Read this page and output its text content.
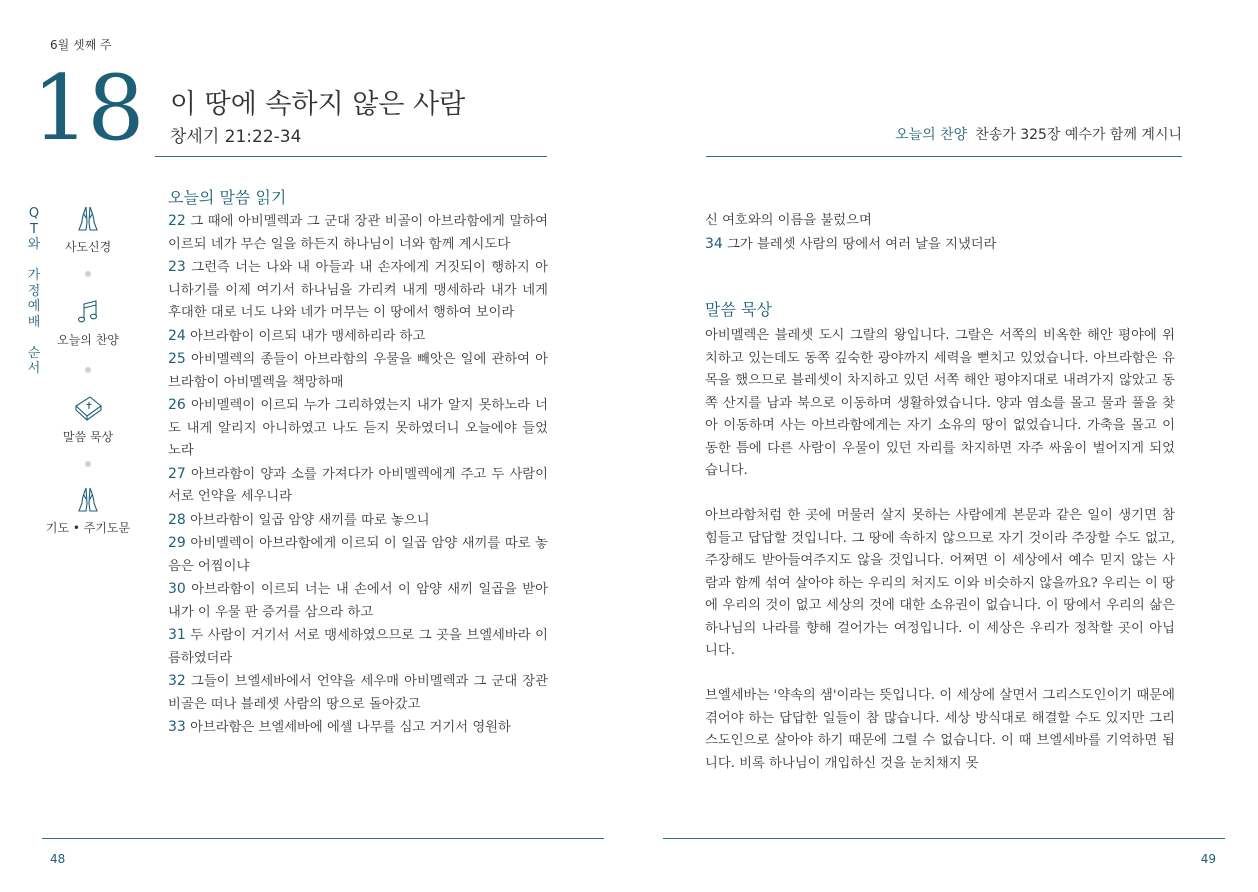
6월 셋째 주
18 이 땅에 속하지 않은 사람
창세기 21:22-34	오늘의 찬양 찬송가 325장 예수가 함께 계시니
Q
T
와
가
정
예
배
순
서
사도신경
오늘의 찬양
말씀 묵상
기도 • 주기도문
오늘의 말씀 읽기
22 그 때에 아비멜렉과 그 군대 장관 비골이 아브라함에게 말하여 이르되 네가 무슨 일을 하든지 하나님이 너와 함께 계시도다
23 그런즉 너는 나와 내 아들과 내 손자에게 거짓되이 행하지 아니하기를 이제 여기서 하나님을 가리켜 내게 맹세하라 내가 네게 후대한 대로 너도 나와 네가 머무는 이 땅에서 행하여 보이라
24 아브라함이 이르되 내가 맹세하리라 하고
25 아비멜렉의 종들이 아브라함의 우물을 빼앗은 일에 관하여 아브라함이 아비멜렉을 책망하매
26 아비멜렉이 이르되 누가 그리하였는지 내가 알지 못하노라 너도 내게 알리지 아니하였고 나도 듣지 못하였더니 오늘에야 들었노라
27 아브라함이 양과 소를 가져다가 아비멜렉에게 주고 두 사람이 서로 언약을 세우니라
28 아브라함이 일곱 암양 새끼를 따로 놓으니
29 아비멜렉이 아브라함에게 이르되 이 일곱 암양 새끼를 따로 놓음은 어찜이냐
30 아브라함이 이르되 너는 내 손에서 이 암양 새끼 일곱을 받아 내가 이 우물 판 증거를 삼으라 하고
31 두 사람이 거기서 서로 맹세하였으므로 그 곳을 브엘세바라 이름하였더라
32 그들이 브엘세바에서 언약을 세우매 아비멜렉과 그 군대 장관 비골은 떠나 블레셋 사람의 땅으로 돌아갔고
33 아브라함은 브엘세바에 에셀 나무를 심고 거기서 영원하
신 여호와의 이름을 불렀으며
34 그가 블레셋 사람의 땅에서 여러 날을 지냈더라
말씀 묵상

아비멜렉은 블레셋 도시 그랄의 왕입니다. 그랄은 서쪽의 비옥한 해안 평야에 위치하고 있는데도 동쪽 깊숙한 광야까지 세력을 뻗치고 있었습니다. 아브라함은 유목을 했으므로 블레셋이 차지하고 있던 서쪽 해안 평야지대로 내려가지 않았고 동쪽 산지를 남과 북으로 이동하며 생활하였습니다. 양과 염소를 몰고 물과 풀을 찾아 이동하며 사는 아브라함에게는 자기 소유의 땅이 없었습니다. 가축을 몰고 이동한 틈에 다른 사람이 우물이 있던 자리를 차지하면 자주 싸움이 벌어지게 되었습니다.

아브라함처럼 한 곳에 머물러 살지 못하는 사람에게 본문과 같은 일이 생기면 참 힘들고 답답할 것입니다. 그 땅에 속하지 않으므로 자기 것이라 주장할 수도 없고, 주장해도 받아들여주지도 않을 것입니다. 어쩌면 이 세상에서 예수 믿지 않는 사람과 함께 섞여 살아야 하는 우리의 처지도 이와 비슷하지 않을까요? 우리는 이 땅에 우리의 것이 없고 세상의 것에 대한 소유권이 없습니다. 이 땅에서 우리의 삶은 하나님의 나라를 향해 걸어가는 여정입니다. 이 세상은 우리가 정착할 곳이 아닙니다.

브엘세바는 '약속의 샘'이라는 뜻입니다. 이 세상에 살면서 그리스도인이기 때문에 겪어야 하는 답답한 일들이 참 많습니다. 세상 방식대로 해결할 수도 있지만 그리스도인으로 살아야 하기 때문에 그럴 수 없습니다. 이 때 브엘세바를 기억하면 됩니다. 비록 하나님이 개입하신 것을 눈치채지 못

48	49
